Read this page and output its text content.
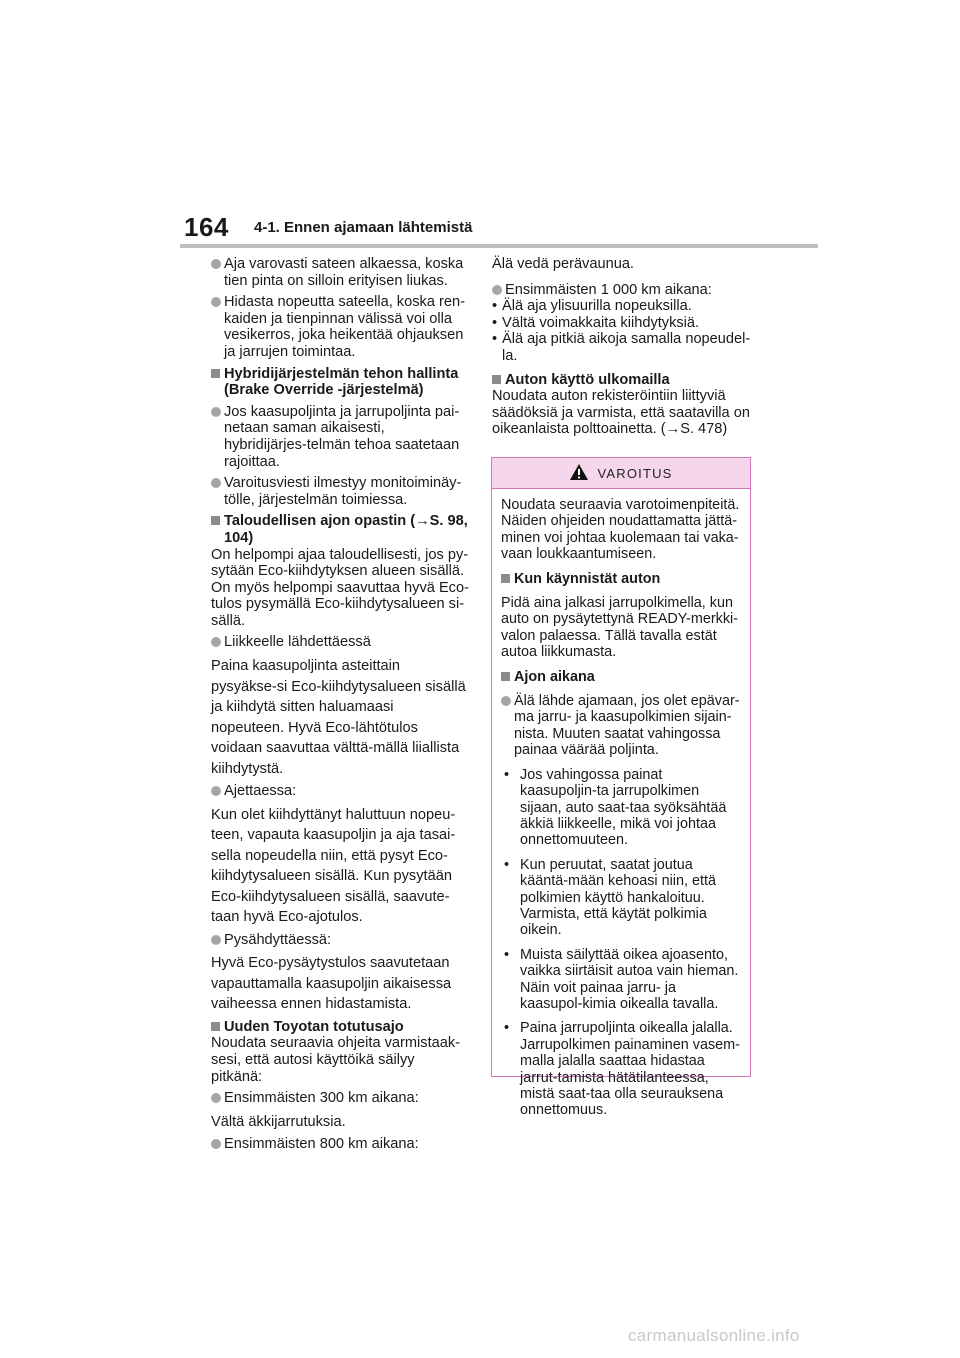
164 4-1. Ennen ajamaan lähtemistä
Aja varovasti sateen alkaessa, koska tien pinta on silloin erityisen liukas.
Hidasta nopeutta sateella, koska ren-kaiden ja tienpinnan välissä voi olla vesikerros, joka heikentää ohjauksen ja jarrujen toimintaa.
Hybridijärjestelmän tehon hallinta (Brake Override -järjestelmä)
Jos kaasupoljinta ja jarrupoljinta pai-netaan saman aikaisesti, hybridijärjes-telmän tehoa saatetaan rajoittaa.
Varoitusviesti ilmestyy monitoiminäy-tölle, järjestelmän toimiessa.
Taloudellisen ajon opastin (→S. 98, 104)
On helpompi ajaa taloudellisesti, jos py-sytään Eco-kiihdytyksen alueen sisällä. On myös helpompi saavuttaa hyvä Eco-tulos pysymällä Eco-kiihdytysalueen si-sällä.
Liikkeelle lähdettäessä
Paina kaasupoljinta asteittain pysyäkse-si Eco-kiihdytysalueen sisällä ja kiihdytä sitten haluamaasi nopeuteen. Hyvä Eco-lähtötulos voidaan saavuttaa välttä-mällä liiallista kiihdytystä.
Ajettaessa:
Kun olet kiihdyttänyt haluttuun nopeu-teen, vapauta kaasupoljin ja aja tasai-sella nopeudella niin, että pysyt Eco-kiihdytysalueen sisällä. Kun pysytään Eco-kiihdytysalueen sisällä, saavute-taan hyvä Eco-ajotulos.
Pysähdyttäessä:
Hyvä Eco-pysäytystulos saavutetaan vapauttamalla kaasupoljin aikaisessa vaiheessa ennen hidastamista.
Uuden Toyotan totutusajo
Noudata seuraavia ohjeita varmistaak-sesi, että autosi käyttöikä säilyy pitkänä:
Ensimmäisten 300 km aikana:
Vältä äkkijarrutuksia.
Ensimmäisten 800 km aikana:
Älä vedä perävaunua.
Ensimmäisten 1 000 km aikana:
• Älä aja ylisuurilla nopeuksilla.
• Vältä voimakkaita kiihdytyksiä.
• Älä aja pitkiä aikoja samalla nopeudel-la.
Auton käyttö ulkomailla
Noudata auton rekisteröintiin liittyviä säädöksiä ja varmista, että saatavilla on oikeanlaista polttoainetta. (→S. 478)
VAROITUS
Noudata seuraavia varotoimenpiteitä. Näiden ohjeiden noudattamatta jättä-minen voi johtaa kuolemaan tai vaka-vaan loukkaantumiseen.
Kun käynnistät auton
Pidä aina jalkasi jarrupolkimella, kun auto on pysäytettynä READY-merkki-valon palaessa. Tällä tavalla estät autoa liikkumasta.
Ajon aikana
Älä lähde ajamaan, jos olet epävar-ma jarru- ja kaasupolkimien sijain-nista. Muuten saatat vahingossa painaa väärää poljinta.
• Jos vahingossa painat kaasupoljin-ta jarrupolkimen sijaan, auto saat-taa syöksähtää äkkiä liikkeelle, mikä voi johtaa onnettomuuteen.
• Kun peruutat, saatat joutua kääntä-mään kehoasi niin, että polkimien käyttö hankaloituu. Varmista, että käytät polkimia oikein.
• Muista säilyttää oikea ajoasento, vaikka siirtäisit autoa vain hieman. Näin voit painaa jarru- ja kaasupol-kimia oikealla tavalla.
• Paina jarrupoljinta oikealla jalalla. Jarrupolkimen painaminen vasem-malla jalalla saattaa hidastaa jarrut-tamista hätätilanteessa, mistä saat-taa olla seurauksena onnettomuus.
carmanualsonline.info
